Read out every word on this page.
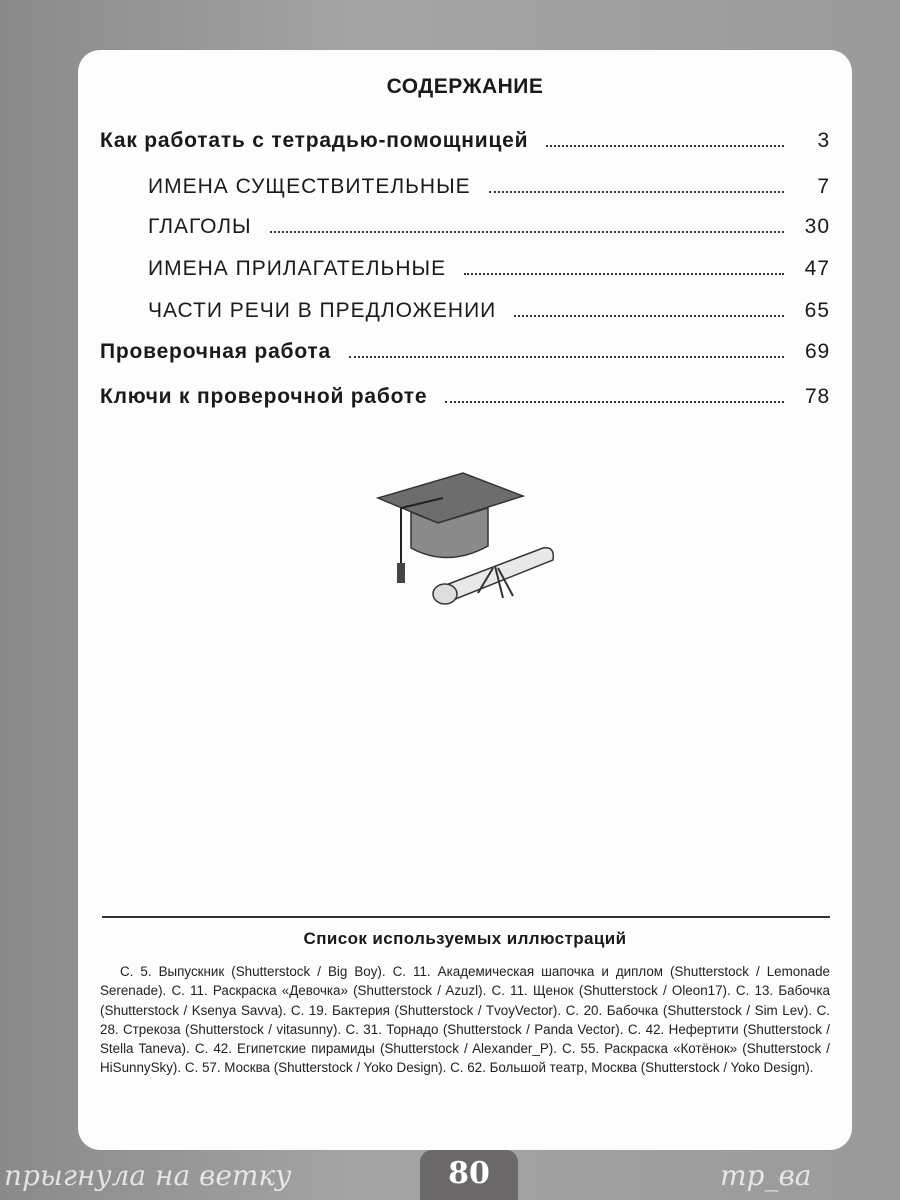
прыгнула на ветку	тр_ва
СОДЕРЖАНИЕ
Как работать с тетрадью-помощницей	3
ИМЕНА СУЩЕСТВИТЕЛЬНЫЕ	7
ГЛАГОЛЫ	30
ИМЕНА ПРИЛАГАТЕЛЬНЫЕ	47
ЧАСТИ РЕЧИ В ПРЕДЛОЖЕНИИ	65
Проверочная работа	69
Ключи к проверочной работе	78
Список используемых иллюстраций
С. 5. Выпускник (Shutterstock / Big Boy). С. 11. Академическая шапочка и диплом (Shutterstock / Lemonade Serenade). С. 11. Раскраска «Девочка» (Shutterstock / Azuzl). С. 11. Щенок (Shutterstock / Oleon17). С. 13. Бабочка (Shutterstock / Ksenya Savva). С. 19. Бактерия (Shutterstock / TvoyVector). С. 20. Бабочка (Shutterstock / Sim Lev). С. 28. Стрекоза (Shutterstock / vitasunny). С. 31. Торнадо (Shutterstock / Panda Vector). С. 42. Нефертити (Shutterstock / Stella Taneva). С. 42. Египетские пирамиды (Shutterstock / Alexander_P). С. 55. Раскраска «Котёнок» (Shutterstock / HiSunnySky). С. 57. Москва (Shutterstock / Yoko Design). С. 62. Большой театр, Москва (Shutterstock / Yoko Design).
80
